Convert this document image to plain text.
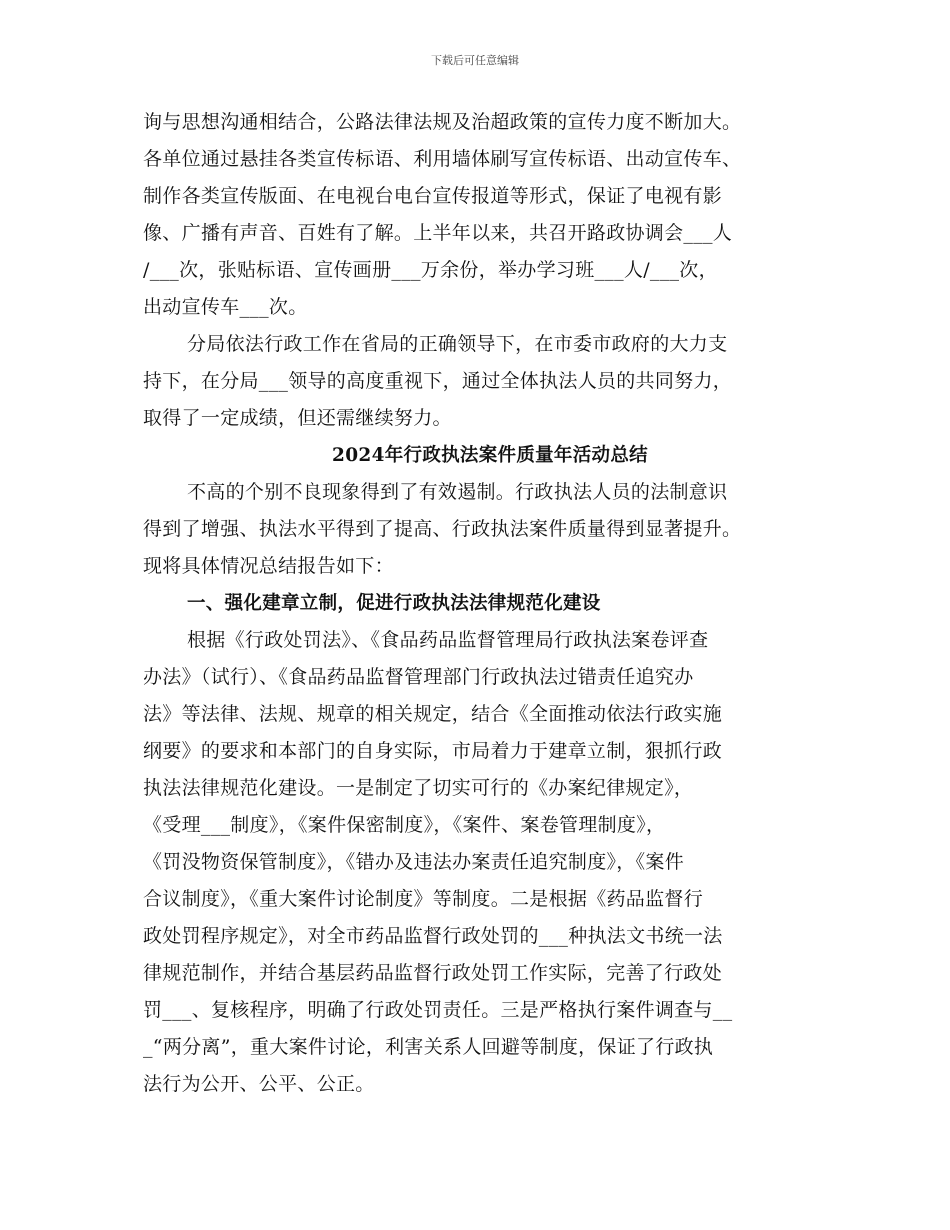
下载后可任意编辑
询与思想沟通相结合，公路法律法规及治超政策的宣传力度不断加大。
各单位通过悬挂各类宣传标语、利用墙体刷写宣传标语、出动宣传车、
制作各类宣传版面、在电视台电台宣传报道等形式，保证了电视有影
像、广播有声音、百姓有了解。上半年以来，共召开路政协调会___人
/___次，张贴标语、宣传画册___万余份，举办学习班___人/___次，
出动宣传车___次。
分局依法行政工作在省局的正确领导下，在市委市政府的大力支
持下，在分局___领导的高度重视下，通过全体执法人员的共同努力，
取得了一定成绩，但还需继续努力。
2024年行政执法案件质量年活动总结
不高的个别不良现象得到了有效遏制。行政执法人员的法制意识
得到了增强、执法水平得到了提高、行政执法案件质量得到显著提升。
现将具体情况总结报告如下：
一、强化建章立制，促进行政执法法律规范化建设
根据《行政处罚法》、《食品药品监督管理局行政执法案卷评查
办法》（试行）、《食品药品监督管理部门行政执法过错责任追究办
法》等法律、法规、规章的相关规定，结合《全面推动依法行政实施
纲要》的要求和本部门的自身实际，市局着力于建章立制，狠抓行政
执法法律规范化建设。一是制定了切实可行的《办案纪律规定》，
《受理___制度》，《案件保密制度》，《案件、案卷管理制度》，
《罚没物资保管制度》，《错办及违法办案责任追究制度》，《案件
合议制度》，《重大案件讨论制度》等制度。二是根据《药品监督行
政处罚程序规定》，对全市药品监督行政处罚的___种执法文书统一法
律规范制作，并结合基层药品监督行政处罚工作实际，完善了行政处
罚___、复核程序，明确了行政处罚责任。三是严格执行案件调查与__
_“两分离”，重大案件讨论，利害关系人回避等制度，保证了行政执
法行为公开、公平、公正。
